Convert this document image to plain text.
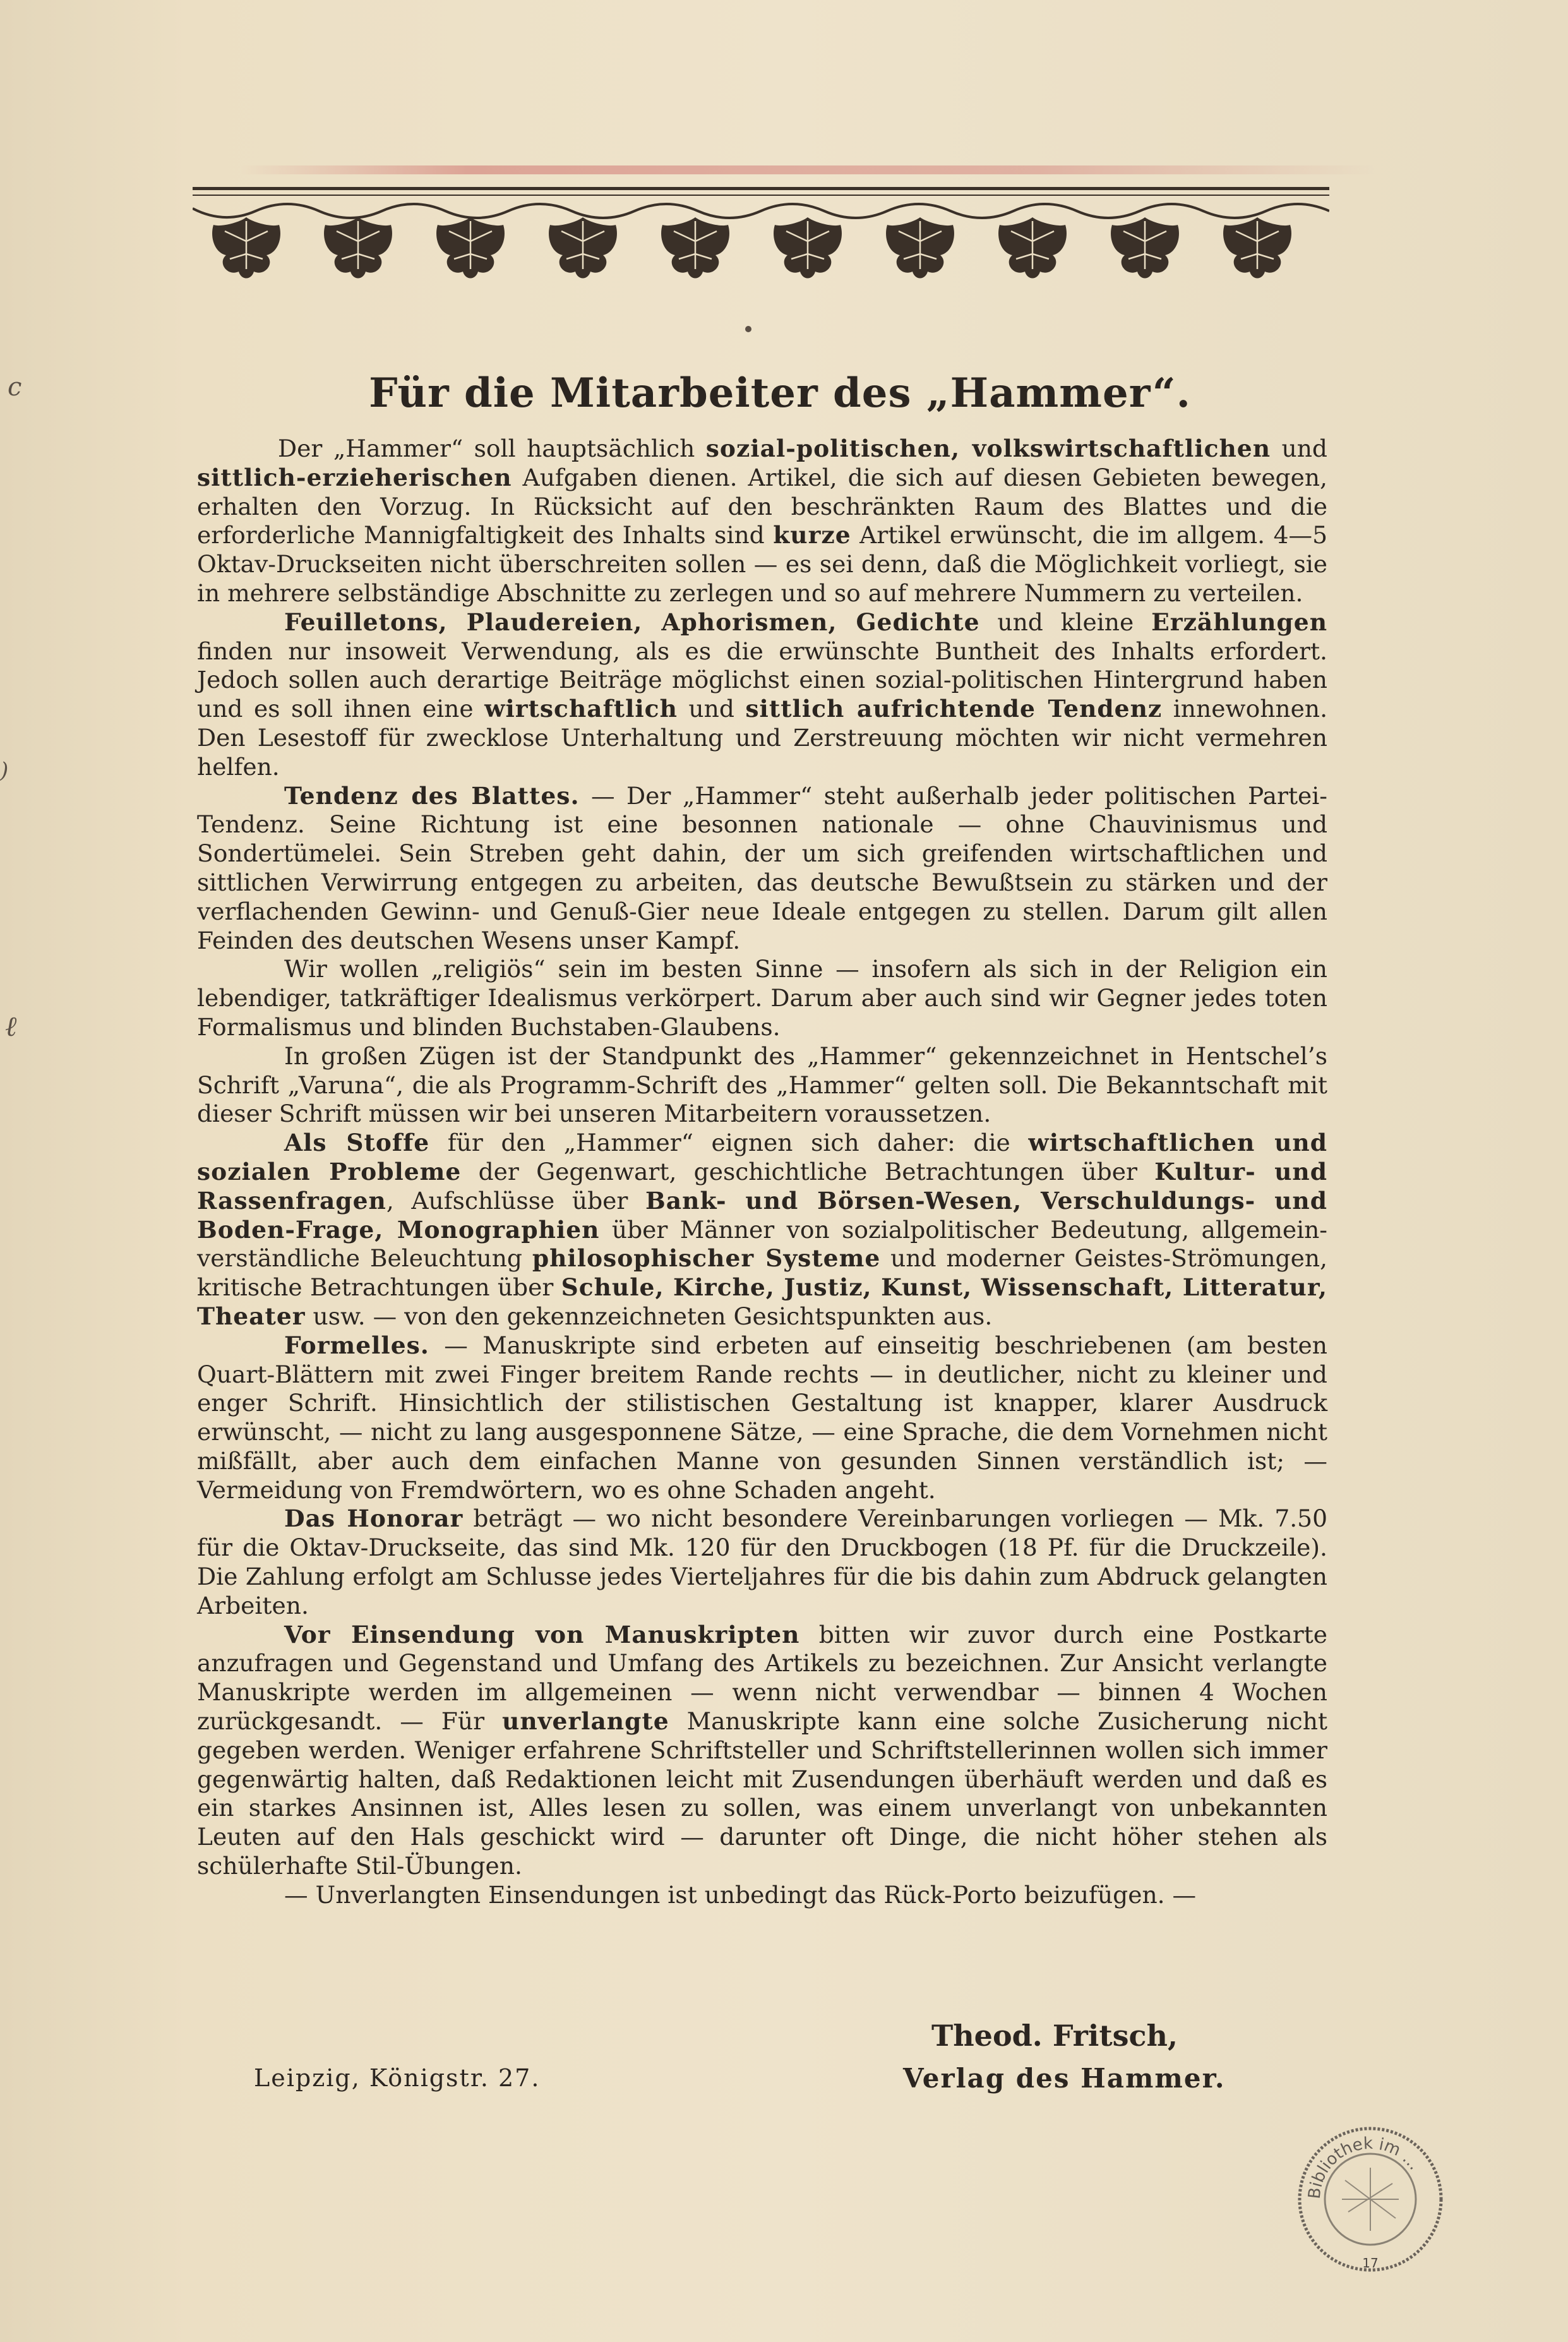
ⅽ
)
ℓ
Für die Mitarbeiter des „Hammer“.

Der „Hammer“ soll hauptsächlich sozial-politischen, volkswirtschaftlichen und sittlich-erzieherischen Aufgaben dienen. Artikel, die sich auf diesen Gebieten bewegen, erhalten den Vorzug. In Rücksicht auf den beschränkten Raum des Blattes und die erforderliche Mannigfaltigkeit des Inhalts sind kurze Artikel erwünscht, die im allgem. 4—5 Oktav-Druckseiten nicht überschreiten sollen — es sei denn, daß die Möglichkeit vorliegt, sie in mehrere selbständige Abschnitte zu zerlegen und so auf mehrere Nummern zu verteilen.

Feuilletons, Plaudereien, Aphorismen, Gedichte und kleine Erzählungen finden nur insoweit Verwendung, als es die erwünschte Buntheit des Inhalts erfordert. Jedoch sollen auch derartige Beiträge möglichst einen sozial-politischen Hintergrund haben und es soll ihnen eine wirtschaftlich und sittlich aufrichtende Tendenz innewohnen. Den Lesestoff für zwecklose Unterhaltung und Zerstreuung möchten wir nicht vermehren helfen.

Tendenz des Blattes. — Der „Hammer“ steht außerhalb jeder politischen Partei-Tendenz. Seine Richtung ist eine besonnen nationale — ohne Chauvinismus und Sondertümelei. Sein Streben geht dahin, der um sich greifenden wirtschaftlichen und sittlichen Verwirrung entgegen zu arbeiten, das deutsche Bewußtsein zu stärken und der verflachenden Gewinn- und Genuß-Gier neue Ideale entgegen zu stellen. Darum gilt allen Feinden des deutschen Wesens unser Kampf.

Wir wollen „religiös“ sein im besten Sinne — insofern als sich in der Religion ein lebendiger, tatkräftiger Idealismus verkörpert. Darum aber auch sind wir Gegner jedes toten Formalismus und blinden Buchstaben-Glaubens.

In großen Zügen ist der Standpunkt des „Hammer“ gekennzeichnet in Hentschel’s Schrift „Varuna“, die als Programm-Schrift des „Hammer“ gelten soll. Die Bekanntschaft mit dieser Schrift müssen wir bei unseren Mitarbeitern voraussetzen.

Als Stoffe für den „Hammer“ eignen sich daher: die wirtschaftlichen und sozialen Probleme der Gegenwart, geschichtliche Betrachtungen über Kultur- und Rassenfragen, Aufschlüsse über Bank- und Börsen-Wesen, Verschuldungs- und Boden-Frage, Monographien über Männer von sozialpolitischer Bedeutung, allgemein-verständliche Beleuchtung philosophischer Systeme und moderner Geistes-Strömungen, kritische Betrachtungen über Schule, Kirche, Justiz, Kunst, Wissenschaft, Litteratur, Theater usw. — von den gekennzeichneten Gesichtspunkten aus.

Formelles. — Manuskripte sind erbeten auf einseitig beschriebenen (am besten Quart-Blättern mit zwei Finger breitem Rande rechts — in deutlicher, nicht zu kleiner und enger Schrift. Hinsichtlich der stilistischen Gestaltung ist knapper, klarer Ausdruck erwünscht, — nicht zu lang ausgesponnene Sätze, — eine Sprache, die dem Vornehmen nicht mißfällt, aber auch dem einfachen Manne von gesunden Sinnen verständlich ist; — Vermeidung von Fremdwörtern, wo es ohne Schaden angeht.

Das Honorar beträgt — wo nicht besondere Vereinbarungen vorliegen — Mk. 7.50 für die Oktav-Druckseite, das sind Mk. 120 für den Druckbogen (18 Pf. für die Druckzeile). Die Zahlung erfolgt am Schlusse jedes Vierteljahres für die bis dahin zum Abdruck gelangten Arbeiten.

Vor Einsendung von Manuskripten bitten wir zuvor durch eine Postkarte anzufragen und Gegenstand und Umfang des Artikels zu bezeichnen. Zur Ansicht verlangte Manuskripte werden im allgemeinen — wenn nicht verwendbar — binnen 4 Wochen zurückgesandt. — Für unverlangte Manuskripte kann eine solche Zusicherung nicht gegeben werden. Weniger erfahrene Schriftsteller und Schriftstellerinnen wollen sich immer gegenwärtig halten, daß Redaktionen leicht mit Zusendungen überhäuft werden und daß es ein starkes Ansinnen ist, Alles lesen zu sollen, was einem unverlangt von unbekannten Leuten auf den Hals geschickt wird — darunter oft Dinge, die nicht höher stehen als schülerhafte Stil-Übungen.

— Unverlangten Einsendungen ist unbedingt das Rück-Porto beizufügen. —

Leipzig, Königstr. 27.
Theod. Fritsch,
Verlag des Hammer.
Bibliothek im ...
17
